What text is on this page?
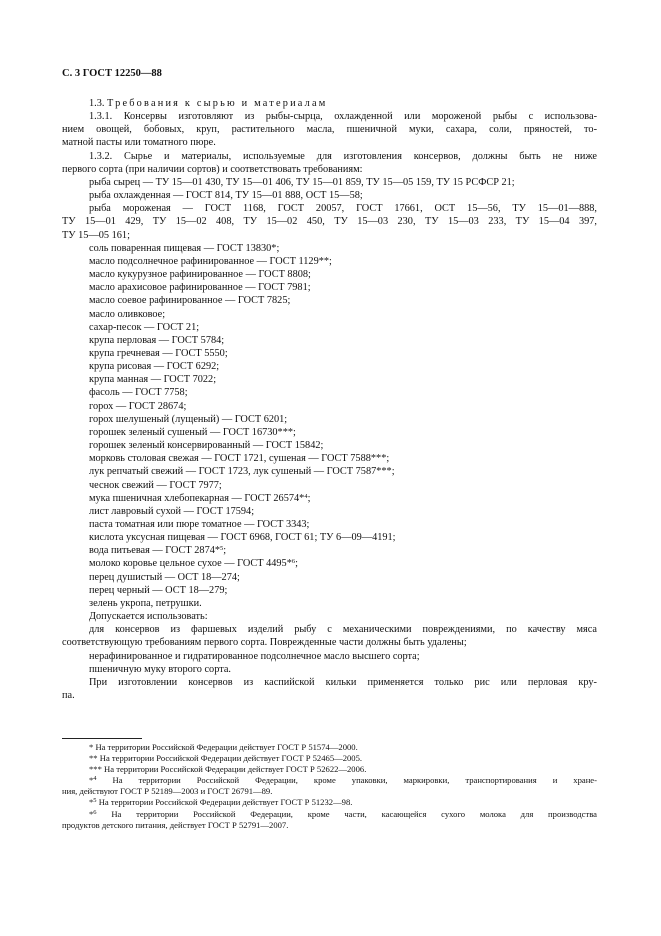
С. 3 ГОСТ 12250—88

1.3. Требования к сырью и материалам

1.3.1. Консервы изготовляют из рыбы-сырца, охлажденной или мороженой рыбы с использова-

нием овощей, бобовых, круп, растительного масла, пшеничной муки, сахара, соли, пряностей, то-

матной пасты или томатного пюре.

1.3.2. Сырье и материалы, используемые для изготовления консервов, должны быть не ниже

первого сорта (при наличии сортов) и соответствовать требованиям:

рыба сырец — ТУ 15—01 430, ТУ 15—01 406, ТУ 15—01 859, ТУ 15—05 159, ТУ 15 РСФСР 21;

рыба охлажденная — ГОСТ 814, ТУ 15—01 888, ОСТ 15—58;

рыба мороженая — ГОСТ 1168, ГОСТ 20057, ГОСТ 17661, ОСТ 15—56, ТУ 15—01—888,

ТУ 15—01 429, ТУ 15—02 408, ТУ 15—02 450, ТУ 15—03 230, ТУ 15—03 233, ТУ 15—04 397,

ТУ 15—05 161;

соль поваренная пищевая — ГОСТ 13830*;

масло подсолнечное рафинированное — ГОСТ 1129**;

масло кукурузное рафинированное — ГОСТ 8808;

масло арахисовое рафинированное — ГОСТ 7981;

масло соевое рафинированное — ГОСТ 7825;

масло оливковое;

сахар-песок — ГОСТ 21;

крупа перловая — ГОСТ 5784;

крупа гречневая — ГОСТ 5550;

крупа рисовая — ГОСТ 6292;

крупа манная — ГОСТ 7022;

фасоль — ГОСТ 7758;

горох — ГОСТ 28674;

горох шелушеный (лущеный) — ГОСТ 6201;

горошек зеленый сушеный — ГОСТ 16730***;

горошек зеленый консервированный — ГОСТ 15842;

морковь столовая свежая — ГОСТ 1721, сушеная — ГОСТ 7588***;

лук репчатый свежий — ГОСТ 1723, лук сушеный — ГОСТ 7587***;

чеснок свежий — ГОСТ 7977;

мука пшеничная хлебопекарная — ГОСТ 26574*$^4$;

лист лавровый сухой — ГОСТ 17594;

паста томатная или пюре томатное — ГОСТ 3343;

кислота уксусная пищевая — ГОСТ 6968, ГОСТ 61; ТУ 6—09—4191;

вода питьевая — ГОСТ 2874*$^5$;

молоко коровье цельное сухое — ГОСТ 4495*$^6$;

перец душистый — ОСТ 18—274;

перец черный — ОСТ 18—279;

зелень укропа, петрушки.

Допускается использовать:

для консервов из фаршевых изделий рыбу с механическими повреждениями, по качеству мяса

соответствующую требованиям первого сорта. Поврежденные части должны быть удалены;

нерафинированное и гидратированное подсолнечное масло высшего сорта;

пшеничную муку второго сорта.

При изготовлении консервов из каспийской кильки применяется только рис или перловая кру-

па.

* На территории Российской Федерации действует ГОСТ Р 51574—2000.

** На территории Российской Федерации действует ГОСТ Р 52465—2005.

*** На территории Российской Федерации действует ГОСТ Р 52622—2006.

*$^4$ На территории Российской Федерации, кроме упаковки, маркировки, транспортирования и хране-

ния, действуют ГОСТ Р 52189—2003 и ГОСТ 26791—89.

*$^5$ На территории Российской Федерации действует ГОСТ Р 51232—98.

*$^6$ На территории Российской Федерации, кроме части, касающейся сухого молока для производства

продуктов детского питания, действует ГОСТ Р 52791—2007.
